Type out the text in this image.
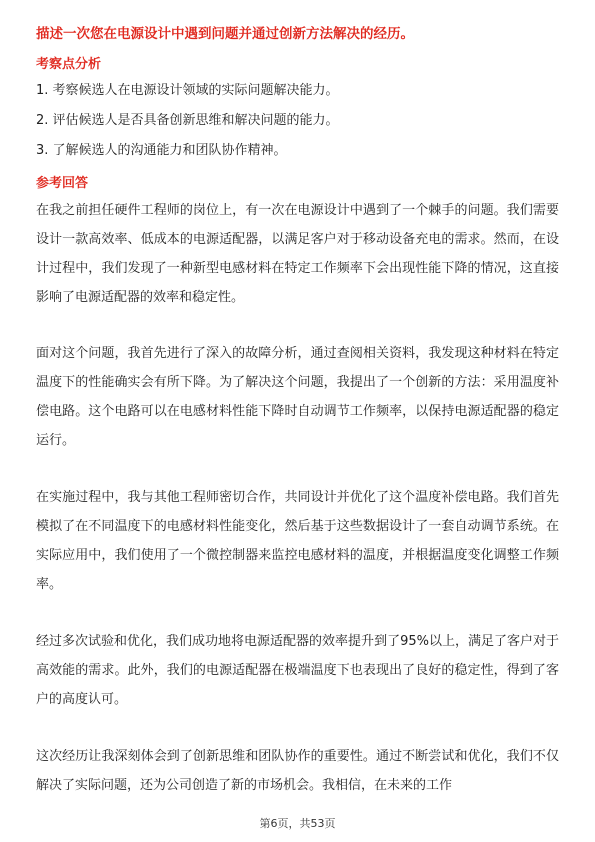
描述一次您在电源设计中遇到问题并通过创新方法解决的经历。
考察点分析
1. 考察候选人在电源设计领域的实际问题解决能力。
2. 评估候选人是否具备创新思维和解决问题的能力。
3. 了解候选人的沟通能力和团队协作精神。
参考回答

在我之前担任硬件工程师的岗位上，有一次在电源设计中遇到了一个棘手的问题。我们需要设计一款高效率、低成本的电源适配器，以满足客户对于移动设备充电的需求。然而，在设计过程中，我们发现了一种新型电感材料在特定工作频率下会出现性能下降的情况，这直接影响了电源适配器的效率和稳定性。

面对这个问题，我首先进行了深入的故障分析，通过查阅相关资料，我发现这种材料在特定温度下的性能确实会有所下降。为了解决这个问题，我提出了一个创新的方法：采用温度补偿电路。这个电路可以在电感材料性能下降时自动调节工作频率，以保持电源适配器的稳定运行。

在实施过程中，我与其他工程师密切合作，共同设计并优化了这个温度补偿电路。我们首先模拟了在不同温度下的电感材料性能变化，然后基于这些数据设计了一套自动调节系统。在实际应用中，我们使用了一个微控制器来监控电感材料的温度，并根据温度变化调整工作频率。

经过多次试验和优化，我们成功地将电源适配器的效率提升到了95%以上，满足了客户对于高效能的需求。此外，我们的电源适配器在极端温度下也表现出了良好的稳定性，得到了客户的高度认可。

这次经历让我深刻体会到了创新思维和团队协作的重要性。通过不断尝试和优化，我们不仅解决了实际问题，还为公司创造了新的市场机会。我相信，在未来的工作

第6页，共53页
